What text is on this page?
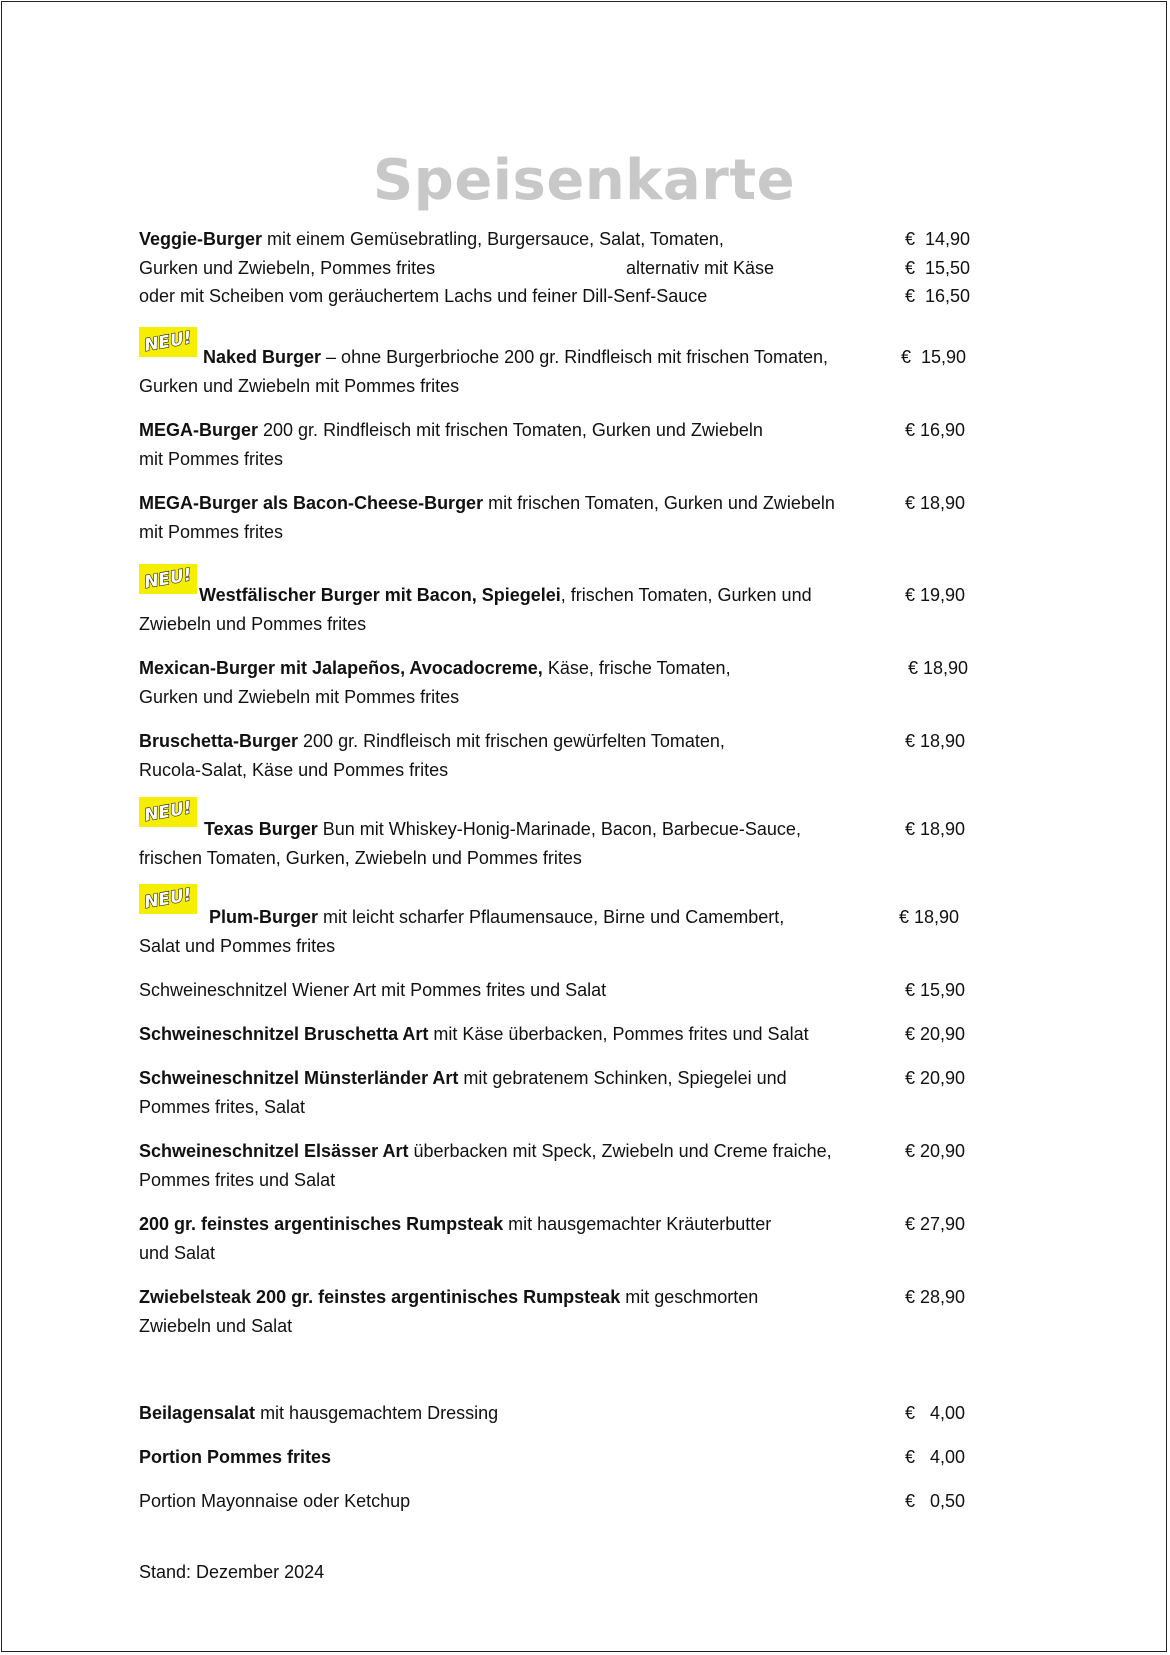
Speisenkarte
Veggie-Burger mit einem Gemüsebratling, Burgersauce, Salat, Tomaten,	€  14,90
Gurken und Zwiebeln, Pommes frites	alternativ mit Käse	€  15,50
oder mit Scheiben vom geräuchertem Lachs und feiner Dill-Senf-Sauce	€  16,50
NEU!
Naked Burger – ohne Burgerbrioche 200 gr. Rindfleisch mit frischen Tomaten,	€  15,90
Gurken und Zwiebeln mit Pommes frites
MEGA-Burger 200 gr. Rindfleisch mit frischen Tomaten, Gurken und Zwiebeln	€ 16,90
mit Pommes frites
MEGA-Burger als Bacon-Cheese-Burger mit frischen Tomaten, Gurken und Zwiebeln	€ 18,90
mit Pommes frites
NEU!
Westfälischer Burger mit Bacon, Spiegelei, frischen Tomaten, Gurken und	€ 19,90
Zwiebeln und Pommes frites
Mexican-Burger mit Jalapeños, Avocadocreme, Käse, frische Tomaten,	€ 18,90
Gurken und Zwiebeln mit Pommes frites
Bruschetta-Burger 200 gr. Rindfleisch mit frischen gewürfelten Tomaten,	€ 18,90
Rucola-Salat, Käse und Pommes frites
NEU!
Texas Burger Bun mit Whiskey-Honig-Marinade, Bacon, Barbecue-Sauce,	€ 18,90
frischen Tomaten, Gurken, Zwiebeln und Pommes frites
NEU!
Plum-Burger mit leicht scharfer Pflaumensauce, Birne und Camembert,	€ 18,90
Salat und Pommes frites
Schweineschnitzel Wiener Art mit Pommes frites und Salat	€ 15,90
Schweineschnitzel Bruschetta Art mit Käse überbacken, Pommes frites und Salat	€ 20,90
Schweineschnitzel Münsterländer Art mit gebratenem Schinken, Spiegelei und	€ 20,90
Pommes frites, Salat
Schweineschnitzel Elsässer Art überbacken mit Speck, Zwiebeln und Creme fraiche,	€ 20,90
Pommes frites und Salat
200 gr. feinstes argentinisches Rumpsteak mit hausgemachter Kräuterbutter	€ 27,90
und Salat
Zwiebelsteak 200 gr. feinstes argentinisches Rumpsteak mit geschmorten	€ 28,90
Zwiebeln und Salat
Beilagensalat mit hausgemachtem Dressing	€   4,00
Portion Pommes frites	€   4,00
Portion Mayonnaise oder Ketchup	€   0,50
Stand: Dezember 2024
